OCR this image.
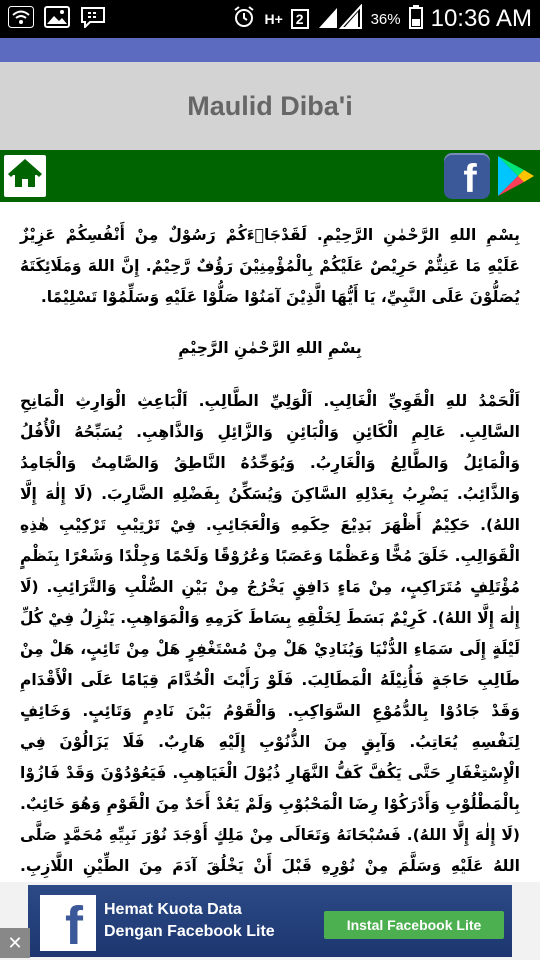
H+ 2	36% 10:36 AM
Maulid Diba'i
f

بِسْمِ اللهِ الرَّحْمٰنِ الرَّحِيْمِ. لَقَدْجَاۤءَكُمْ رَسُوْلٌ مِنْ أَنْفُسِكُمْ عَزِيْزٌ عَلَيْهِ مَا عَنِتُّمْ حَرِيْصٌ عَلَيْكُمْ بِالْمُؤْمِنِيْنَ رَؤُفٌ رَّحِيْمٌ. إِنَّ اللهَ وَمَلَائِكَتَهُ يُصَلُّوْنَ عَلَى النَّبِيِّ، يَا أَيُّهَا الَّذِيْنَ آمَنُوْا صَلُّوْا عَلَيْهِ وَسَلِّمُوْا تَسْلِيْمًا.

بِسْمِ اللهِ الرَّحْمٰنِ الرَّحِيْمِ

اَلْحَمْدُ للهِ الْقَوِيِّ الْغَالِبِ. اَلْوَلِيِّ الطَّالِبِ. اَلْبَاعِثِ الْوَارِثِ الْمَانِحِ السَّالِبِ. عَالِمِ الْكَائِنِ وَالْبَائِنِ وَالزَّائِلِ وَالذَّاهِبِ. يُسَبِّحُهُ الْأُفُلُ وَالْمَائِلُ وَالطَّالِعُ وَالْغَارِبُ. وَيُوَحِّدُهُ النَّاطِقُ وَالصَّامِتُ وَالْجَامِدُ وَالذَّائِبُ. يَضْرِبُ بِعَدْلِهِ السَّاكِنَ وَيُسَكِّنُ بِفَضْلِهِ الضَّارِبَ. (لَا إِلٰهَ إِلَّا اللهُ). حَكِيْمٌ أَظْهَرَ بَدِيْعَ حِكَمِهِ وَالْعَجَائِبِ. فِيْ تَرْتِيْبِ تَرْكِيْبِ هٰذِهِ الْقَوَالِبِ. خَلَقَ مُخًّا وَعَظْمًا وَعَصَبًا وَعُرُوْقًا وَلَحْمًا وَجِلْدًا وَشَعْرًا بِنَظْمٍ مُؤْتَلِفٍ مُتَرَاكِبٍ، مِنْ مَاءٍ دَافِقٍ يَخْرُجُ مِنْ بَيْنِ الصُّلْبِ وَالتَّرَائِبِ. (لَا إِلٰهَ إِلَّا اللهُ). كَرِيْمٌ بَسَطَ لِخَلْقِهِ بِسَاطَ كَرَمِهِ وَالْمَوَاهِبِ. يَنْزِلُ فِيْ كُلِّ لَيْلَةٍ إِلَى سَمَاءِ الدُّنْيَا وَيُنَادِيْ هَلْ مِنْ مُسْتَغْفِرٍ هَلْ مِنْ تَائِبٍ، هَلْ مِنْ طَالِبِ حَاجَةٍ فَأُنِيْلَهُ الْمَطَالِبَ. فَلَوْ رَأَيْتَ الْخُدَّامَ قِيَامًا عَلَى الْأَقْدَامِ وَقَدْ جَادُوْا بِالدُّمُوْعِ السَّوَاكِبِ. وَالْقَوْمُ بَيْنَ نَادِمٍ وَتَائِبٍ. وَخَائِفٍ لِنَفْسِهِ يُعَاتِبُ. وَآبِقٍ مِنَ الذُّنُوْبِ إِلَيْهِ هَارِبٌ. فَلَا يَزَالُوْنَ فِي الْإِسْتِغْفَارِ حَتَّى يَكُفَّ كَفُّ النَّهَارِ ذُيُوْلَ الْغَيَاهِبِ. فَيَعُوْدُوْنَ وَقَدْ فَازُوْا بِالْمَطْلُوْبِ وَأَدْرَكُوْا رِضَا الْمَحْبُوْبِ وَلَمْ يَعُدْ أَحَدٌ مِنَ الْقَوْمِ وَهُوَ خَائِبٌ. (لَا إِلٰهَ إِلَّا اللهُ). فَسُبْحَانَهُ وَتَعَالَى مِنْ مَلِكٍ أَوْجَدَ نُوْرَ نَبِيِّهِ مُحَمَّدٍ صَلَّى اللهُ عَلَيْهِ وَسَلَّمَ مِنْ نُوْرِهِ قَبْلَ أَنْ يَخْلُقَ آدَمَ مِنَ الطِّيْنِ اللَّازِبِ.

f Hemat Kuota Data
Dengan Facebook Lite	Instal Facebook Lite
✕
